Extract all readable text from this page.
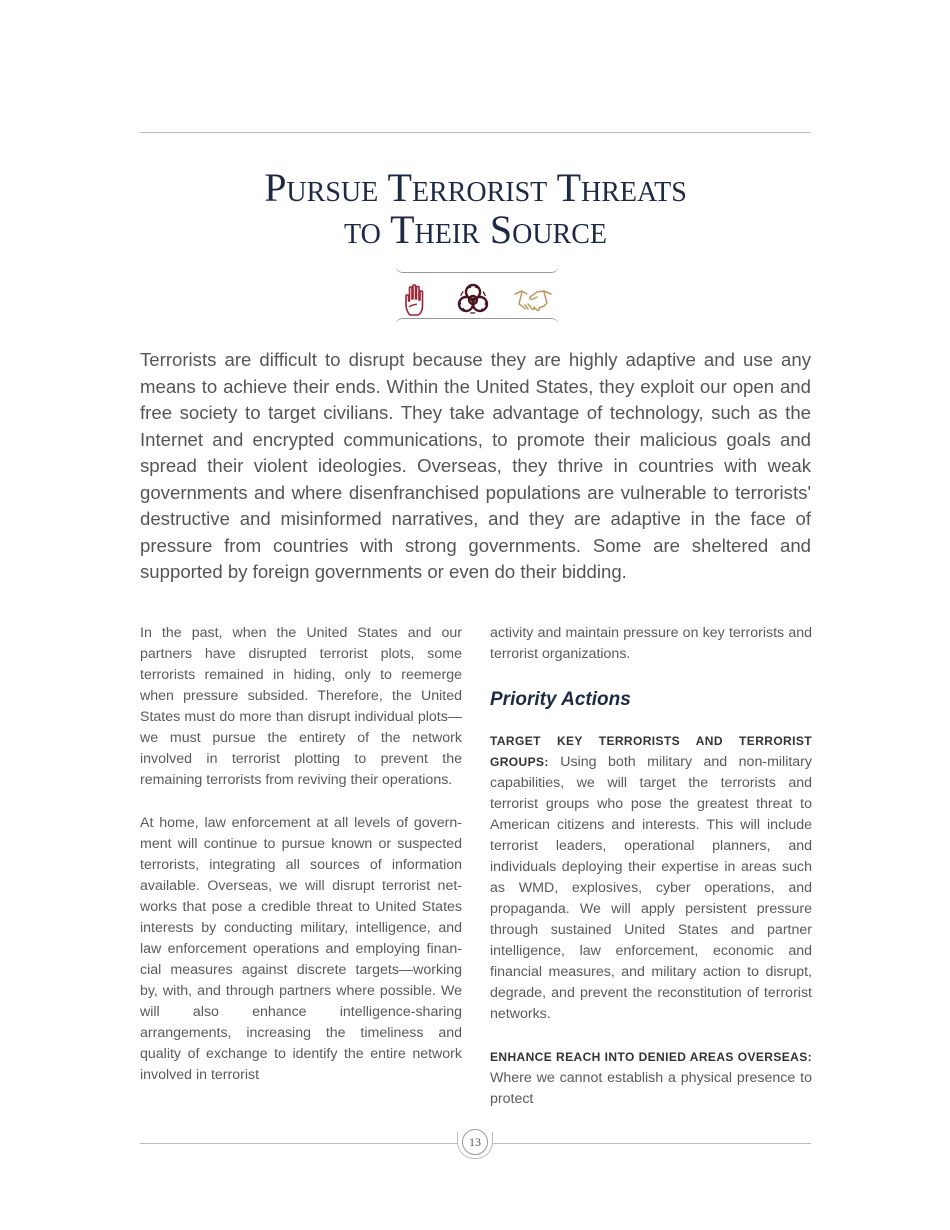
Pursue Terrorist Threats
to Their Source

Terrorists are difficult to disrupt because they are highly adaptive and use any means to achieve their ends. Within the United States, they exploit our open and free society to target civilians. They take advantage of technology, such as the Internet and encrypted communications, to promote their malicious goals and spread their violent ideologies. Overseas, they thrive in countries with weak governments and where disenfranchised populations are vulnerable to terrorists' destructive and misinformed narratives, and they are adaptive in the face of pressure from countries with strong governments. Some are sheltered and supported by foreign governments or even do their bidding.

In the past, when the United States and our partners have disrupted terrorist plots, some terrorists remained in hiding, only to reemerge when pressure subsided. Therefore, the United States must do more than disrupt individual plots—we must pursue the entirety of the network involved in terrorist plotting to prevent the remaining terrorists from reviving their operations.

At home, law enforcement at all levels of govern-ment will continue to pursue known or suspected terrorists, integrating all sources of information available. Overseas, we will disrupt terrorist net-works that pose a credible threat to United States interests by conducting military, intelligence, and law enforcement operations and employing finan-cial measures against discrete targets—working by, with, and through partners where possible. We will also enhance intelligence-sharing arrangements, increasing the timeliness and quality of exchange to identify the entire network involved in terrorist

activity and maintain pressure on key terrorists and terrorist organizations.

Priority Actions

TARGET KEY TERRORISTS AND TERRORIST GROUPS: Using both military and non-military capabilities, we will target the terrorists and terrorist groups who pose the greatest threat to American citizens and interests. This will include terrorist leaders, operational planners, and individuals deploying their expertise in areas such as WMD, explosives, cyber operations, and propaganda. We will apply persistent pressure through sustained United States and partner intelligence, law enforcement, economic and financial measures, and military action to disrupt, degrade, and prevent the reconstitution of terrorist networks.

ENHANCE REACH INTO DENIED AREAS OVERSEAS: Where we cannot establish a physical presence to protect

13
